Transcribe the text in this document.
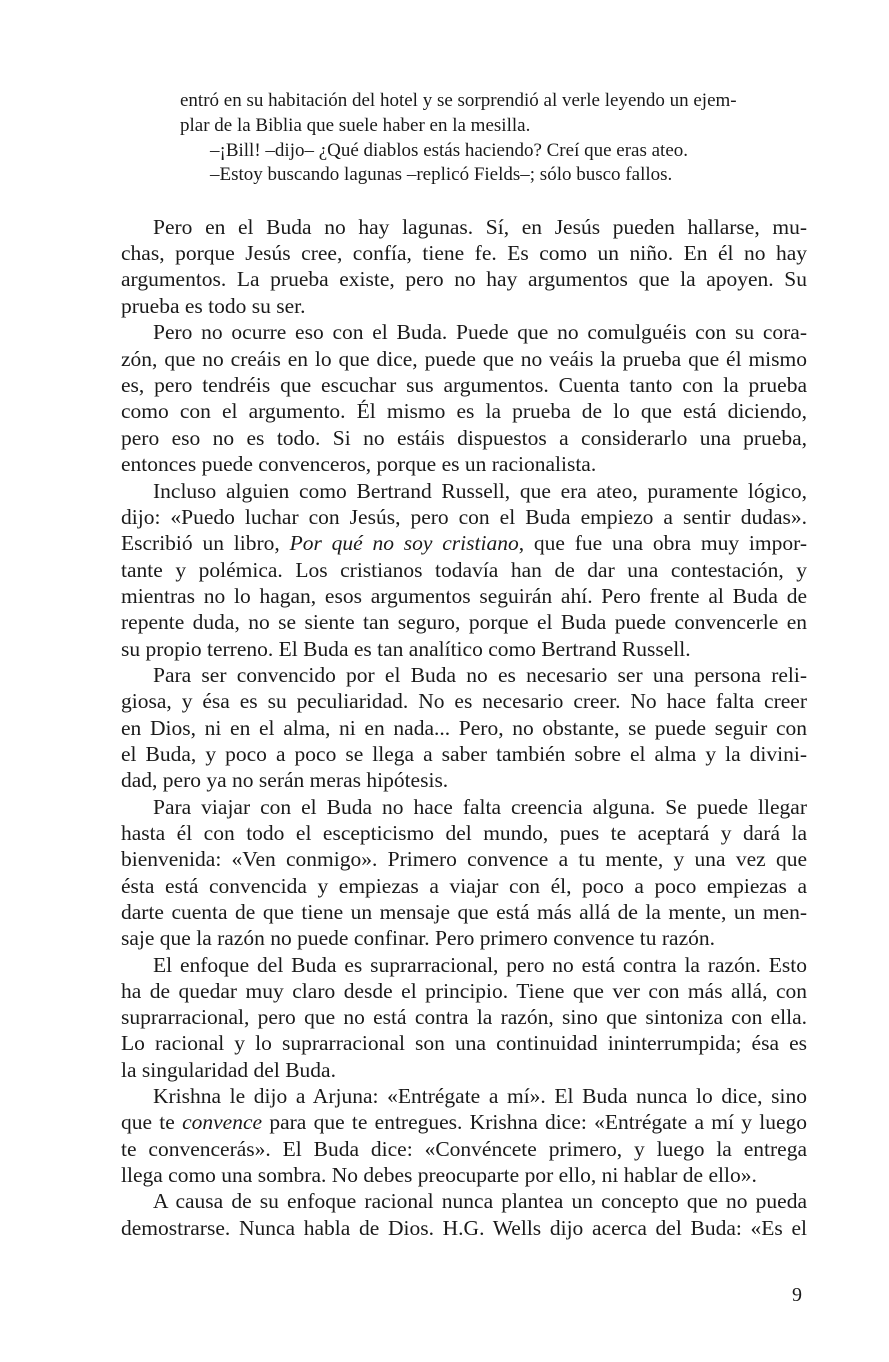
entró en su habitación del hotel y se sorprendió al verle leyendo un ejem-
plar de la Biblia que suele haber en la mesilla.
–¡Bill! –dijo– ¿Qué diablos estás haciendo? Creí que eras ateo.
–Estoy buscando lagunas –replicó Fields–; sólo busco fallos.
Pero en el Buda no hay lagunas. Sí, en Jesús pueden hallarse, mu-
chas, porque Jesús cree, confía, tiene fe. Es como un niño. En él no hay
argumentos. La prueba existe, pero no hay argumentos que la apoyen. Su
prueba es todo su ser.
Pero no ocurre eso con el Buda. Puede que no comulguéis con su cora-
zón, que no creáis en lo que dice, puede que no veáis la prueba que él mismo
es, pero tendréis que escuchar sus argumentos. Cuenta tanto con la prueba
como con el argumento. Él mismo es la prueba de lo que está diciendo,
pero eso no es todo. Si no estáis dispuestos a considerarlo una prueba,
entonces puede convenceros, porque es un racionalista.
Incluso alguien como Bertrand Russell, que era ateo, puramente lógico,
dijo: «Puedo luchar con Jesús, pero con el Buda empiezo a sentir dudas».
Escribió un libro, Por qué no soy cristiano, que fue una obra muy impor-
tante y polémica. Los cristianos todavía han de dar una contestación, y
mientras no lo hagan, esos argumentos seguirán ahí. Pero frente al Buda de
repente duda, no se siente tan seguro, porque el Buda puede convencerle en
su propio terreno. El Buda es tan analítico como Bertrand Russell.
Para ser convencido por el Buda no es necesario ser una persona reli-
giosa, y ésa es su peculiaridad. No es necesario creer. No hace falta creer
en Dios, ni en el alma, ni en nada... Pero, no obstante, se puede seguir con
el Buda, y poco a poco se llega a saber también sobre el alma y la divini-
dad, pero ya no serán meras hipótesis.
Para viajar con el Buda no hace falta creencia alguna. Se puede llegar
hasta él con todo el escepticismo del mundo, pues te aceptará y dará la
bienvenida: «Ven conmigo». Primero convence a tu mente, y una vez que
ésta está convencida y empiezas a viajar con él, poco a poco empiezas a
darte cuenta de que tiene un mensaje que está más allá de la mente, un men-
saje que la razón no puede confinar. Pero primero convence tu razón.
El enfoque del Buda es suprarracional, pero no está contra la razón. Esto
ha de quedar muy claro desde el principio. Tiene que ver con más allá, con
suprarracional, pero que no está contra la razón, sino que sintoniza con ella.
Lo racional y lo suprarracional son una continuidad ininterrumpida; ésa es
la singularidad del Buda.
Krishna le dijo a Arjuna: «Entrégate a mí». El Buda nunca lo dice, sino
que te convence para que te entregues. Krishna dice: «Entrégate a mí y luego
te convencerás». El Buda dice: «Convéncete primero, y luego la entrega
llega como una sombra. No debes preocuparte por ello, ni hablar de ello».
A causa de su enfoque racional nunca plantea un concepto que no pueda
demostrarse. Nunca habla de Dios. H.G. Wells dijo acerca del Buda: «Es el
9
